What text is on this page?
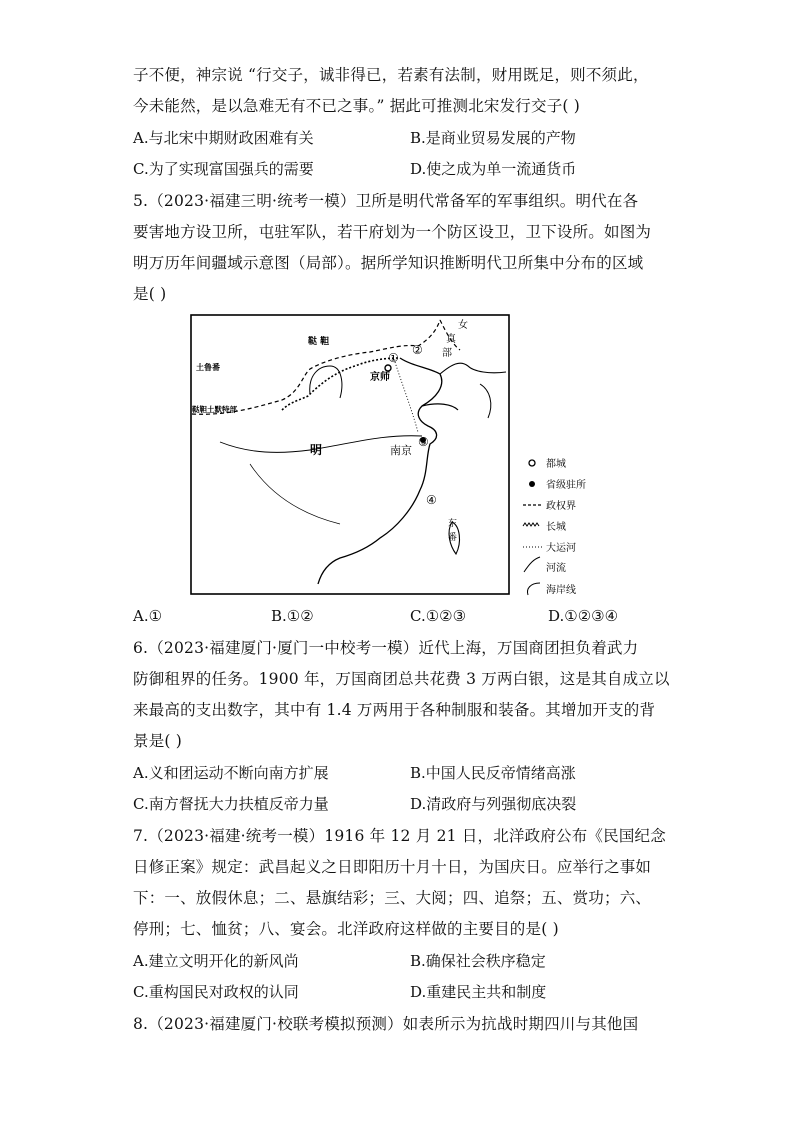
子不便，神宗说 “行交子，诚非得已，若素有法制，财用既足，则不须此，
今未能然，是以急难无有不已之事。” 据此可推测北宋发行交子( )
A.与北宋中期财政困难有关	B.是商业贸易发展的产物
C.为了实现富国强兵的需要	D.使之成为单一流通货币
5.（2023·福建三明·统考一模）卫所是明代常备军的军事组织。明代在各
要害地方设卫所，屯驻军队，若干府划为一个防区设卫，卫下设所。如图为
明万历年间疆域示意图（局部）。据所学知识推断明代卫所集中分布的区域
是( )
鞑 靼
土鲁番
鞑靼土默特部
京师
女
真
部
明	南京
东
番
①
②
③
④
都城
省级驻所
政权界
长城
大运河
河流
海岸线
A.①	B.①②	C.①②③	D.①②③④
6.（2023·福建厦门·厦门一中校考一模）近代上海，万国商团担负着武力
防御租界的任务。1900 年，万国商团总共花费 3 万两白银，这是其自成立以
来最高的支出数字，其中有 1.4 万两用于各种制服和装备。其增加开支的背
景是( )
A.义和团运动不断向南方扩展	B.中国人民反帝情绪高涨
C.南方督抚大力扶植反帝力量	D.清政府与列强彻底决裂
7.（2023·福建·统考一模）1916 年 12 月 21 日，北洋政府公布《民国纪念
日修正案》规定：武昌起义之日即阳历十月十日，为国庆日。应举行之事如
下：一、放假休息；二、悬旗结彩；三、大阅；四、追祭；五、赏功；六、
停刑；七、恤贫；八、宴会。北洋政府这样做的主要目的是( )
A.建立文明开化的新风尚	B.确保社会秩序稳定
C.重构国民对政权的认同	D.重建民主共和制度
8.（2023·福建厦门·校联考模拟预测）如表所示为抗战时期四川与其他国
